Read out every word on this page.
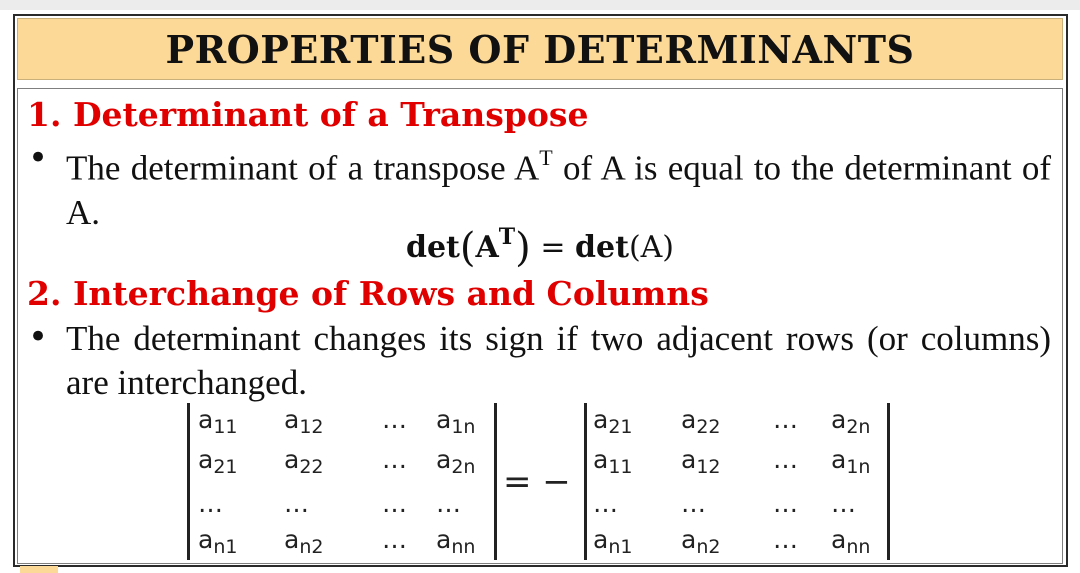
PROPERTIES OF DETERMINANTS
1. Determinant of a Transpose
• The determinant of a transpose $A^T$ of A is equal to the determinant of A.
$\det(A^T) = \det(A)$
2. Interchange of Rows and Columns
• The determinant changes its sign if two adjacent rows (or columns) are interchanged.
$a_{11}$ $a_{12}$ … $a_{1n}$
$a_{21}$ $a_{22}$ … $a_{2n}$
… …	… …
$a_{n1}$ $a_{n2}$ … $a_{nn}$
= −
$a_{21}$ $a_{22}$ … $a_{2n}$
$a_{11}$ $a_{12}$ … $a_{1n}$
…	…	… …
$a_{n1}$ $a_{n2}$ … $a_{nn}$
